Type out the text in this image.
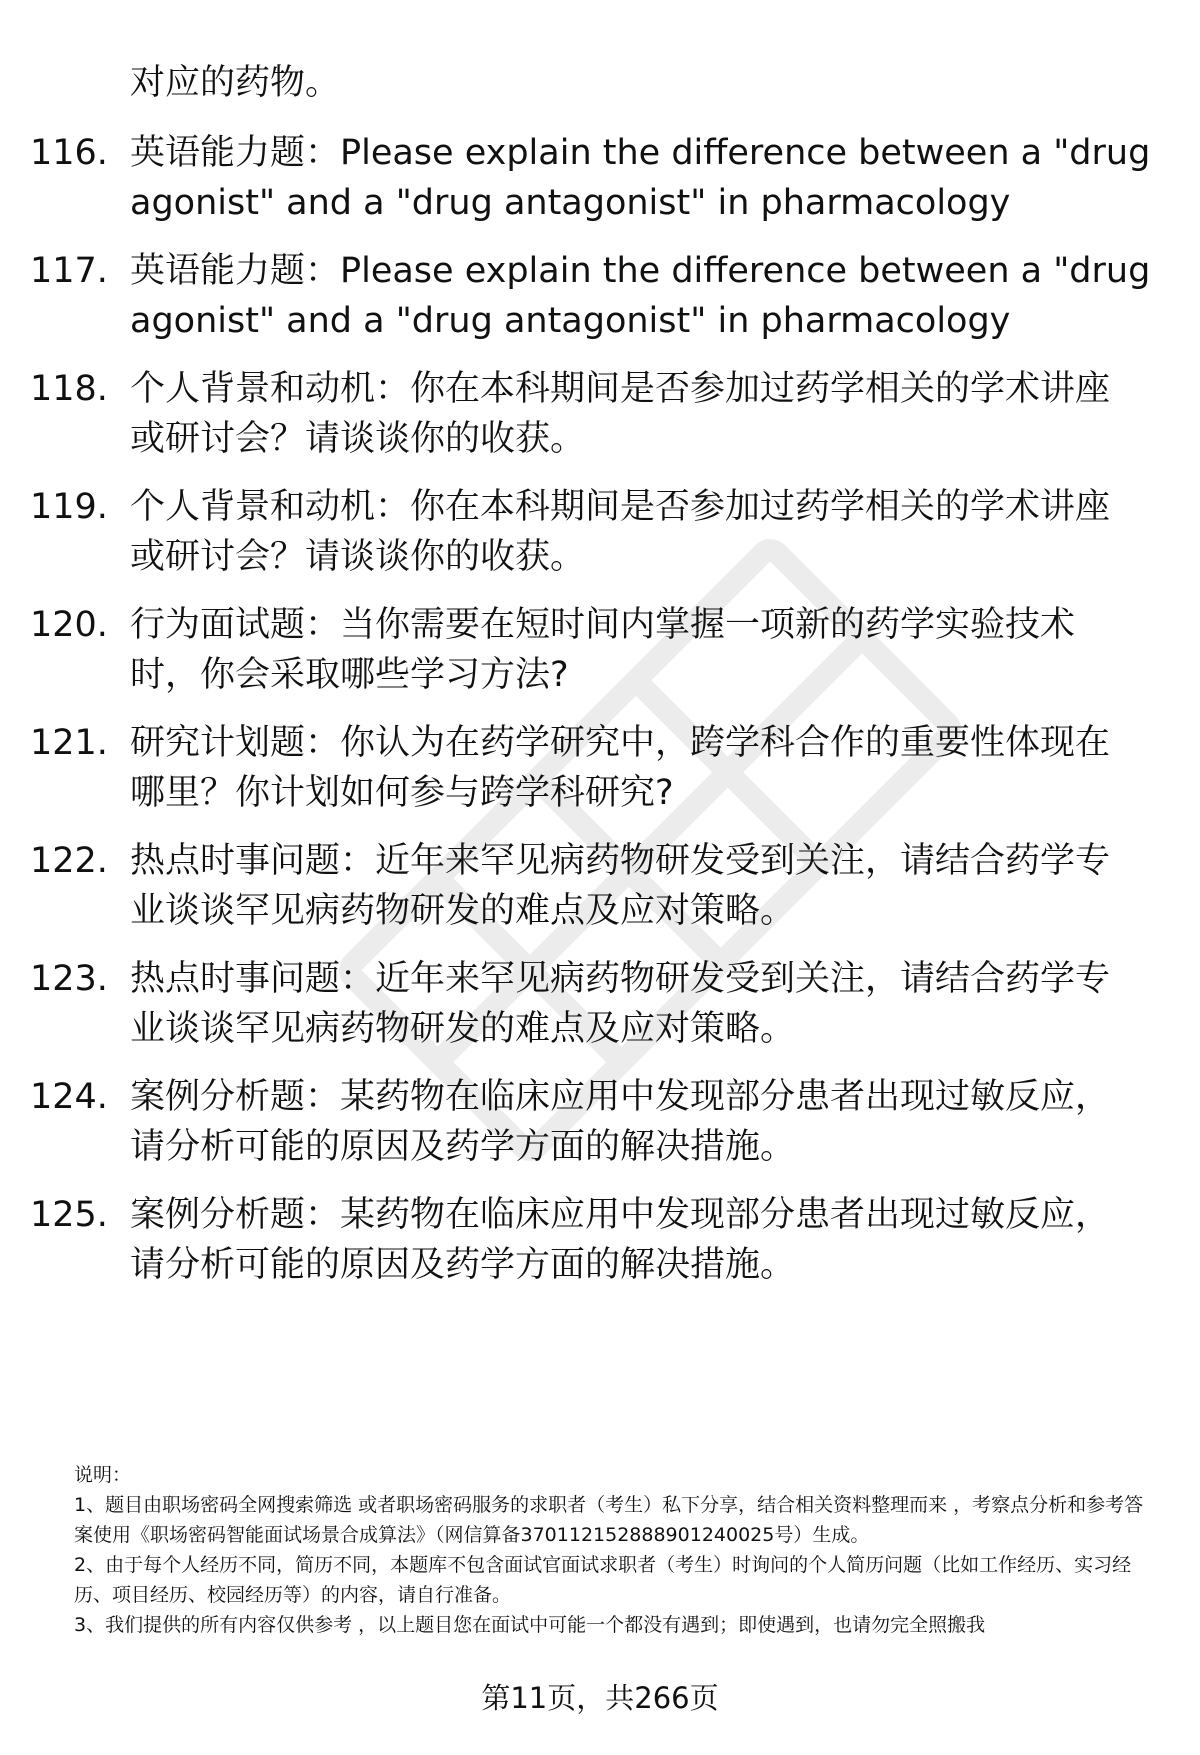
对应的药物。
116. 英语能力题：Please explain the difference between a "drug
agonist" and a "drug antagonist" in pharmacology
117. 英语能力题：Please explain the difference between a "drug
agonist" and a "drug antagonist" in pharmacology
118. 个人背景和动机：你在本科期间是否参加过药学相关的学术讲座
或研讨会？请谈谈你的收获。
119. 个人背景和动机：你在本科期间是否参加过药学相关的学术讲座
或研讨会？请谈谈你的收获。
120. 行为面试题：当你需要在短时间内掌握一项新的药学实验技术
时，你会采取哪些学习方法?
121. 研究计划题：你认为在药学研究中，跨学科合作的重要性体现在
哪里？你计划如何参与跨学科研究?
122. 热点时事问题：近年来罕见病药物研发受到关注，请结合药学专
业谈谈罕见病药物研发的难点及应对策略。
123. 热点时事问题：近年来罕见病药物研发受到关注，请结合药学专
业谈谈罕见病药物研发的难点及应对策略。
124. 案例分析题：某药物在临床应用中发现部分患者出现过敏反应，
请分析可能的原因及药学方面的解决措施。
125. 案例分析题：某药物在临床应用中发现部分患者出现过敏反应，
请分析可能的原因及药学方面的解决措施。

说明：

1、题目由职场密码全网搜索筛选 或者职场密码服务的求职者（考生）私下分享，结合相关资料整理而来 ，考察点分析和参考答案使用《职场密码智能面试场景合成算法》（网信算备370112152888901240025号）生成。

2、由于每个人经历不同，简历不同，本题库不包含面试官面试求职者（考生）时询问的个人简历问题（比如工作经历、实习经历、项目经历、校园经历等）的内容，请自行准备。

3、我们提供的所有内容仅供参考 ，以上题目您在面试中可能一个都没有遇到；即使遇到，也请勿完全照搬我

第11页，共266页
